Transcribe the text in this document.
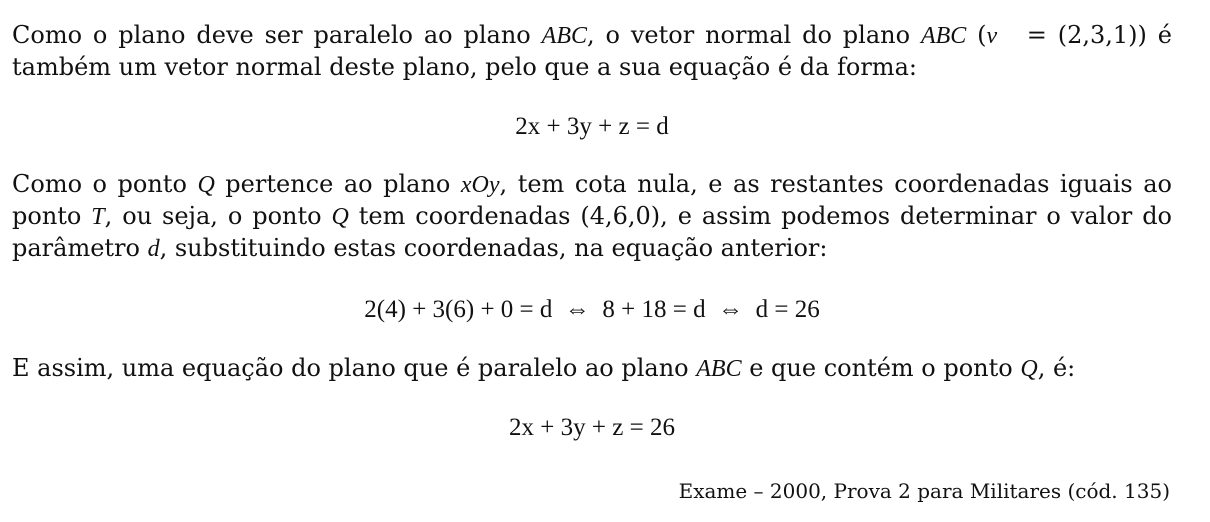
Como o plano deve ser paralelo ao plano ABC, o vetor normal do plano ABC (v⃗ = (2,3,1)) é também um vetor normal deste plano, pelo que a sua equação é da forma:

2x + 3y + z = d

Como o ponto Q pertence ao plano xOy, tem cota nula, e as restantes coordenadas iguais ao ponto T, ou seja, o ponto Q tem coordenadas (4,6,0), e assim podemos determinar o valor do parâmetro d, substituindo estas coordenadas, na equação anterior:

2(4) + 3(6) + 0 = d  ⇔  8 + 18 = d  ⇔  d = 26

E assim, uma equação do plano que é paralelo ao plano ABC e que contém o ponto Q, é:

2x + 3y + z = 26
Exame – 2000, Prova 2 para Militares (cód. 135)
